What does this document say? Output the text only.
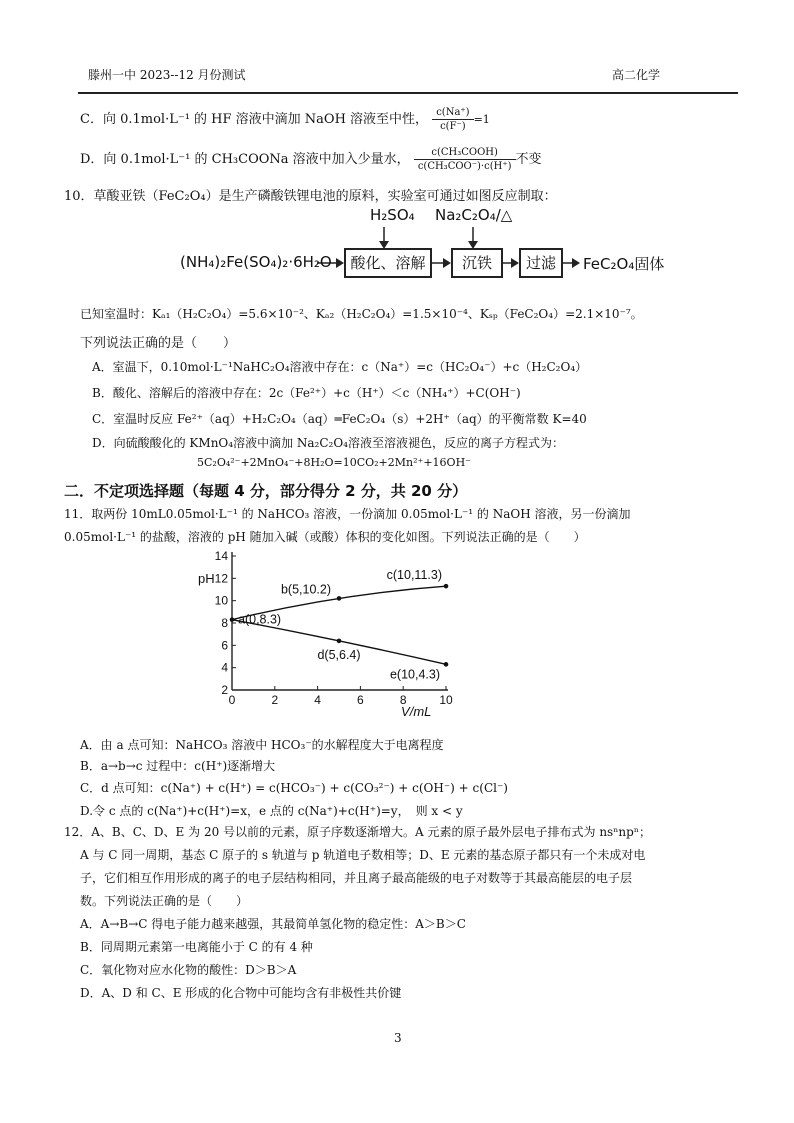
滕州一中 2023--12 月份测试	高二化学
C．向 0.1mol·L⁻¹ 的 HF 溶液中滴加 NaOH 溶液至中性， $\frac{c(Na^+)}{c(F^-)} =1$
D．向 0.1mol·L⁻¹ 的 CH₃COONa 溶液中加入少量水， $\frac{\text{c(CH₃COOH)}}{\text{c(CH₃COO⁻)·c(H⁺)}}$ 不变
10．草酸亚铁（FeC₂O₄）是生产磷酸铁锂电池的原料，实验室可通过如图反应制取：
H₂SO₄ Na₂C₂O₄/△
(NH₄)₂Fe(SO₄)₂·6H₂O	酸化、溶解	沉铁	过滤	FeC₂O₄固体
已知室温时：Kₐ₁（H₂C₂O₄）=5.6×10⁻²、Kₐ₂（H₂C₂O₄）=1.5×10⁻⁴、Kₛₚ（FeC₂O₄）=2.1×10⁻⁷。
下列说法正确的是（　　）
A．室温下，0.10mol·L⁻¹NaHC₂O₄溶液中存在：c（Na⁺）=c（HC₂O₄⁻）+c（H₂C₂O₄）
B．酸化、溶解后的溶液中存在：2c（Fe²⁺）+c（H⁺）＜c（NH₄⁺）+C(OH⁻)
C．室温时反应 Fe²⁺（aq）+H₂C₂O₄（aq）═FeC₂O₄（s）+2H⁺（aq）的平衡常数 K=40
D．向硫酸酸化的 KMnO₄溶液中滴加 Na₂C₂O₄溶液至溶液褪色，反应的离子方程式为：
5C₂O₄²⁻+2MnO₄⁻+8H₂O=10CO₂+2Mn²⁺+16OH⁻
二．不定项选择题（每题 4 分，部分得分 2 分，共 20 分）
11．取两份 10mL0.05mol·L⁻¹ 的 NaHCO₃ 溶液，一份滴加 0.05mol·L⁻¹ 的 NaOH 溶液，另一份滴加
0.05mol·L⁻¹ 的盐酸，溶液的 pH 随加入碱（或酸）体积的变化如图。下列说法正确的是（　　）
2
4
6
8
10
12
14
0	2	4	6	8	10
pH
V/mL
a(0,8.3)
b(5,10.2)
c(10,11.3)
d(5,6.4)
e(10,4.3)
A．由 a 点可知：NaHCO₃ 溶液中 HCO₃⁻的水解程度大于电离程度
B．a→b→c 过程中：c(H⁺)逐渐增大
C．d 点可知：c(Na⁺) + c(H⁺) = c(HCO₃⁻) + c(CO₃²⁻) + c(OH⁻) + c(Cl⁻)
D.令 c 点的 c(Na⁺)+c(H⁺)=x，e 点的 c(Na⁺)+c(H⁺)=y，　则 x < y
12．A、B、C、D、E 为 20 号以前的元素，原子序数逐渐增大。A 元素的原子最外层电子排布式为 nsⁿnpⁿ；
A 与 C 同一周期，基态 C 原子的 s 轨道与 p 轨道电子数相等；D、E 元素的基态原子都只有一个未成对电
子，它们相互作用形成的离子的电子层结构相同，并且离子最高能级的电子对数等于其最高能层的电子层
数。下列说法正确的是（　　）
A．A→B→C 得电子能力越来越强，其最简单氢化物的稳定性：A＞B＞C
B．同周期元素第一电离能小于 C 的有 4 种
C．氧化物对应水化物的酸性：D＞B＞A
D．A、D 和 C、E 形成的化合物中可能均含有非极性共价键
3
